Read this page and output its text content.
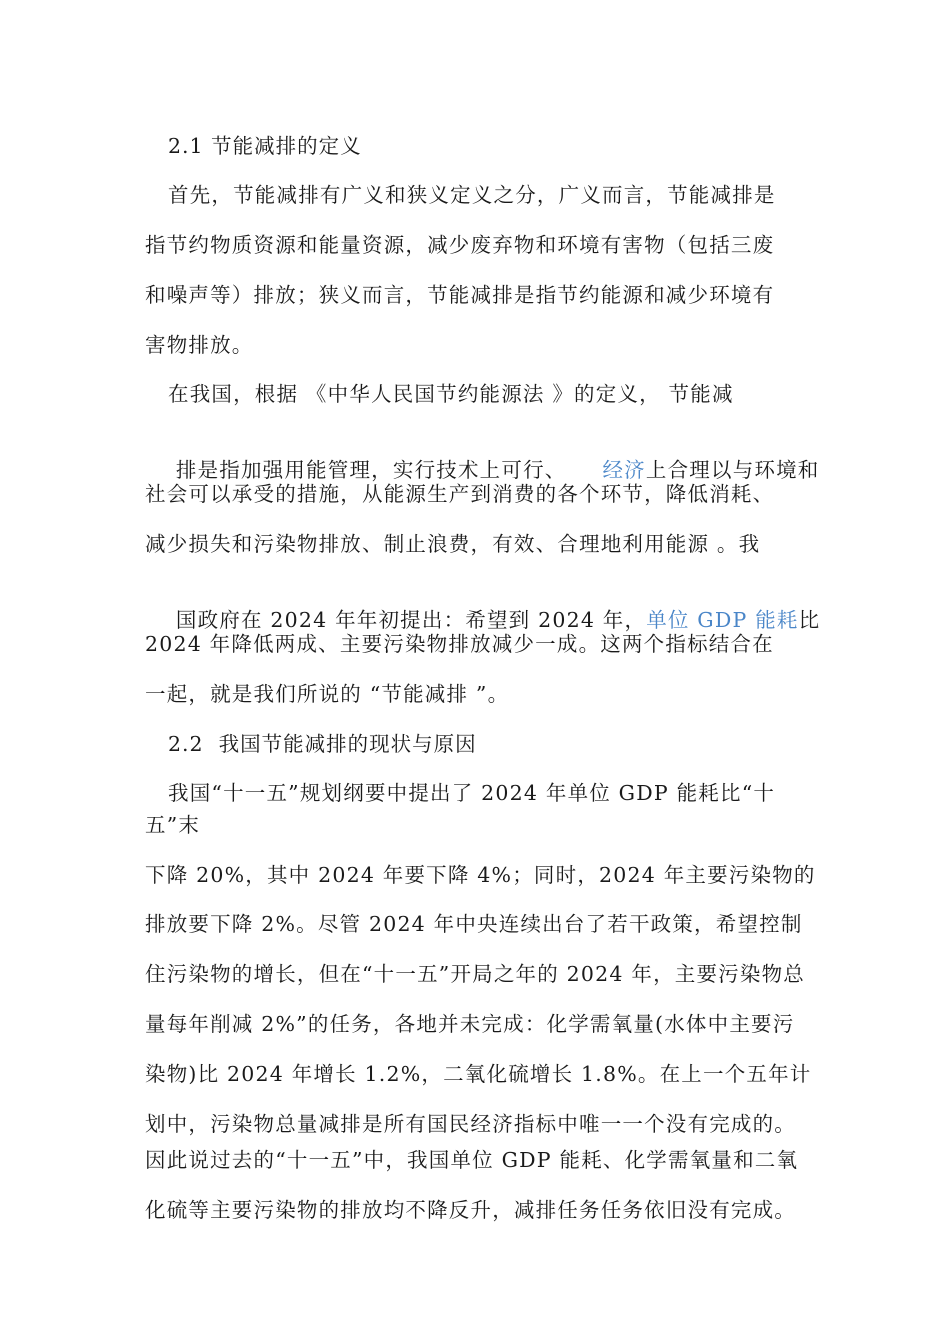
2.1 节能减排的定义
首先，节能减排有广义和狭义定义之分，广义而言，节能减排是
指节约物质资源和能量资源，减少废弃物和环境有害物（包括三废
和噪声等）排放；狭义而言，节能减排是指节约能源和减少环境有
害物排放。
在我国，根据 《中华人民国节约能源法 》的定义， 节能减

排是指加强用能管理，实行技术上可行、 经济上合理以与环境和

社会可以承受的措施，从能源生产到消费的各个环节，降低消耗、
减少损失和污染物排放、制止浪费，有效、合理地利用能源 。我

国政府在 2024 年年初提出：希望到 2024 年，单位 GDP 能耗比

2024 年降低两成、主要污染物排放减少一成。这两个指标结合在
一起，就是我们所说的 “节能减排 ”。
2.2  我国节能减排的现状与原因
我国“十一五”规划纲要中提出了 2024 年单位 GDP 能耗比“十
五”末
下降 20%，其中 2024 年要下降 4%；同时，2024 年主要污染物的
排放要下降 2%。尽管 2024 年中央连续出台了若干政策，希望控制
住污染物的增长，但在“十一五”开局之年的 2024 年，主要污染物总
量每年削减 2%”的任务，各地并未完成：化学需氧量(水体中主要污
染物)比 2024 年增长 1.2%，二氧化硫增长 1.8%。在上一个五年计
划中，污染物总量减排是所有国民经济指标中唯一一个没有完成的。
因此说过去的“十一五”中，我国单位 GDP 能耗、化学需氧量和二氧
化硫等主要污染物的排放均不降反升，减排任务任务依旧没有完成。
